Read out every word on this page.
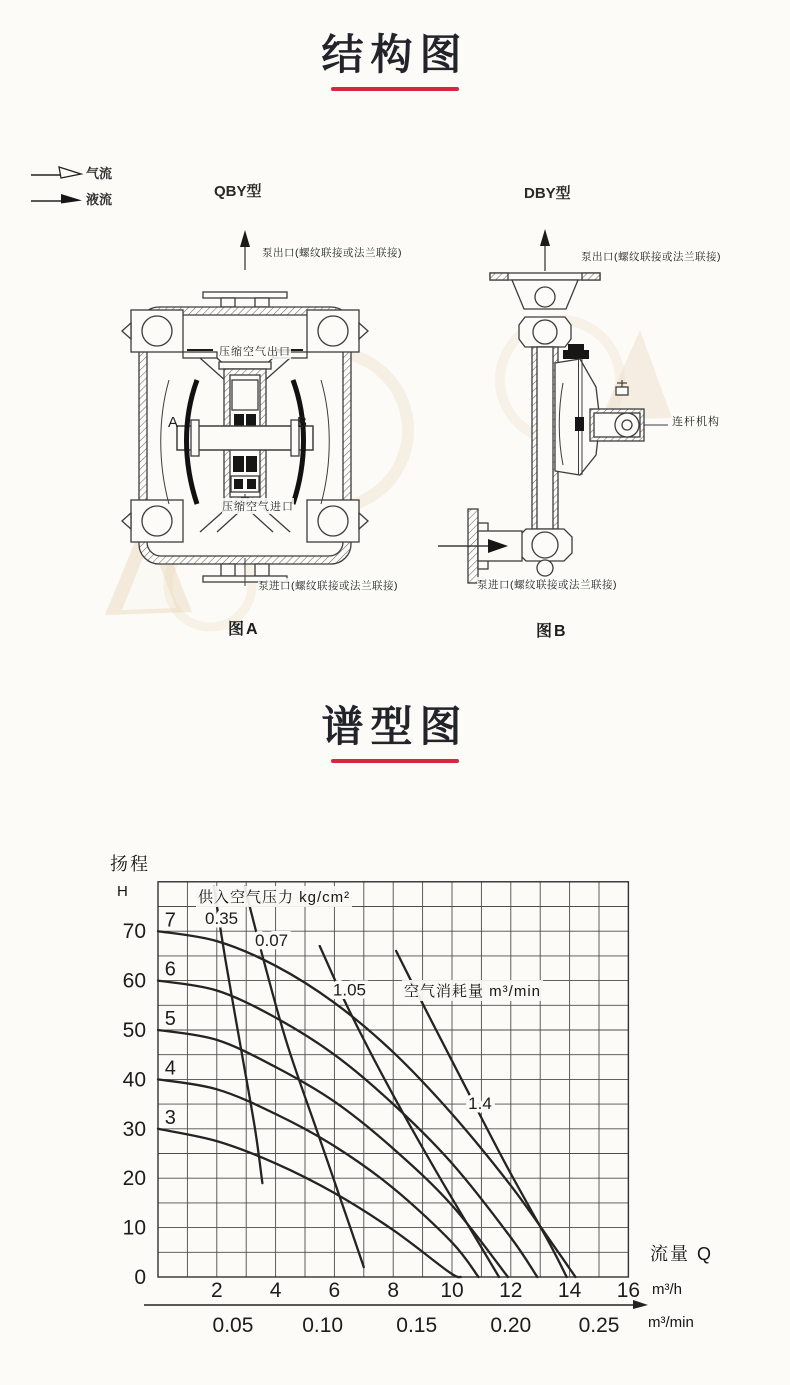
结构图
气流
液流	QBY型	DBY型
泵出口(螺纹联接或法兰联接)
压缩空气出口
A	B
压缩空气进口
泵进口(螺纹联接或法兰联接)
图A
泵出口(螺纹联接或法兰联接)
连杆机构
泵进口(螺纹联接或法兰联接)
图B
谱型图
扬程
H
流量 Q
m³/h
m³/min
供入空气压力 kg/cm²
空气消耗量 m³/min
0
10
20
30
40
50
60
70
2 4 6 8 10 12 14 16
0.05 0.10	0.15	0.20 0.25
7
6
5
4
3
0.35
0.07
1.05
1.4
